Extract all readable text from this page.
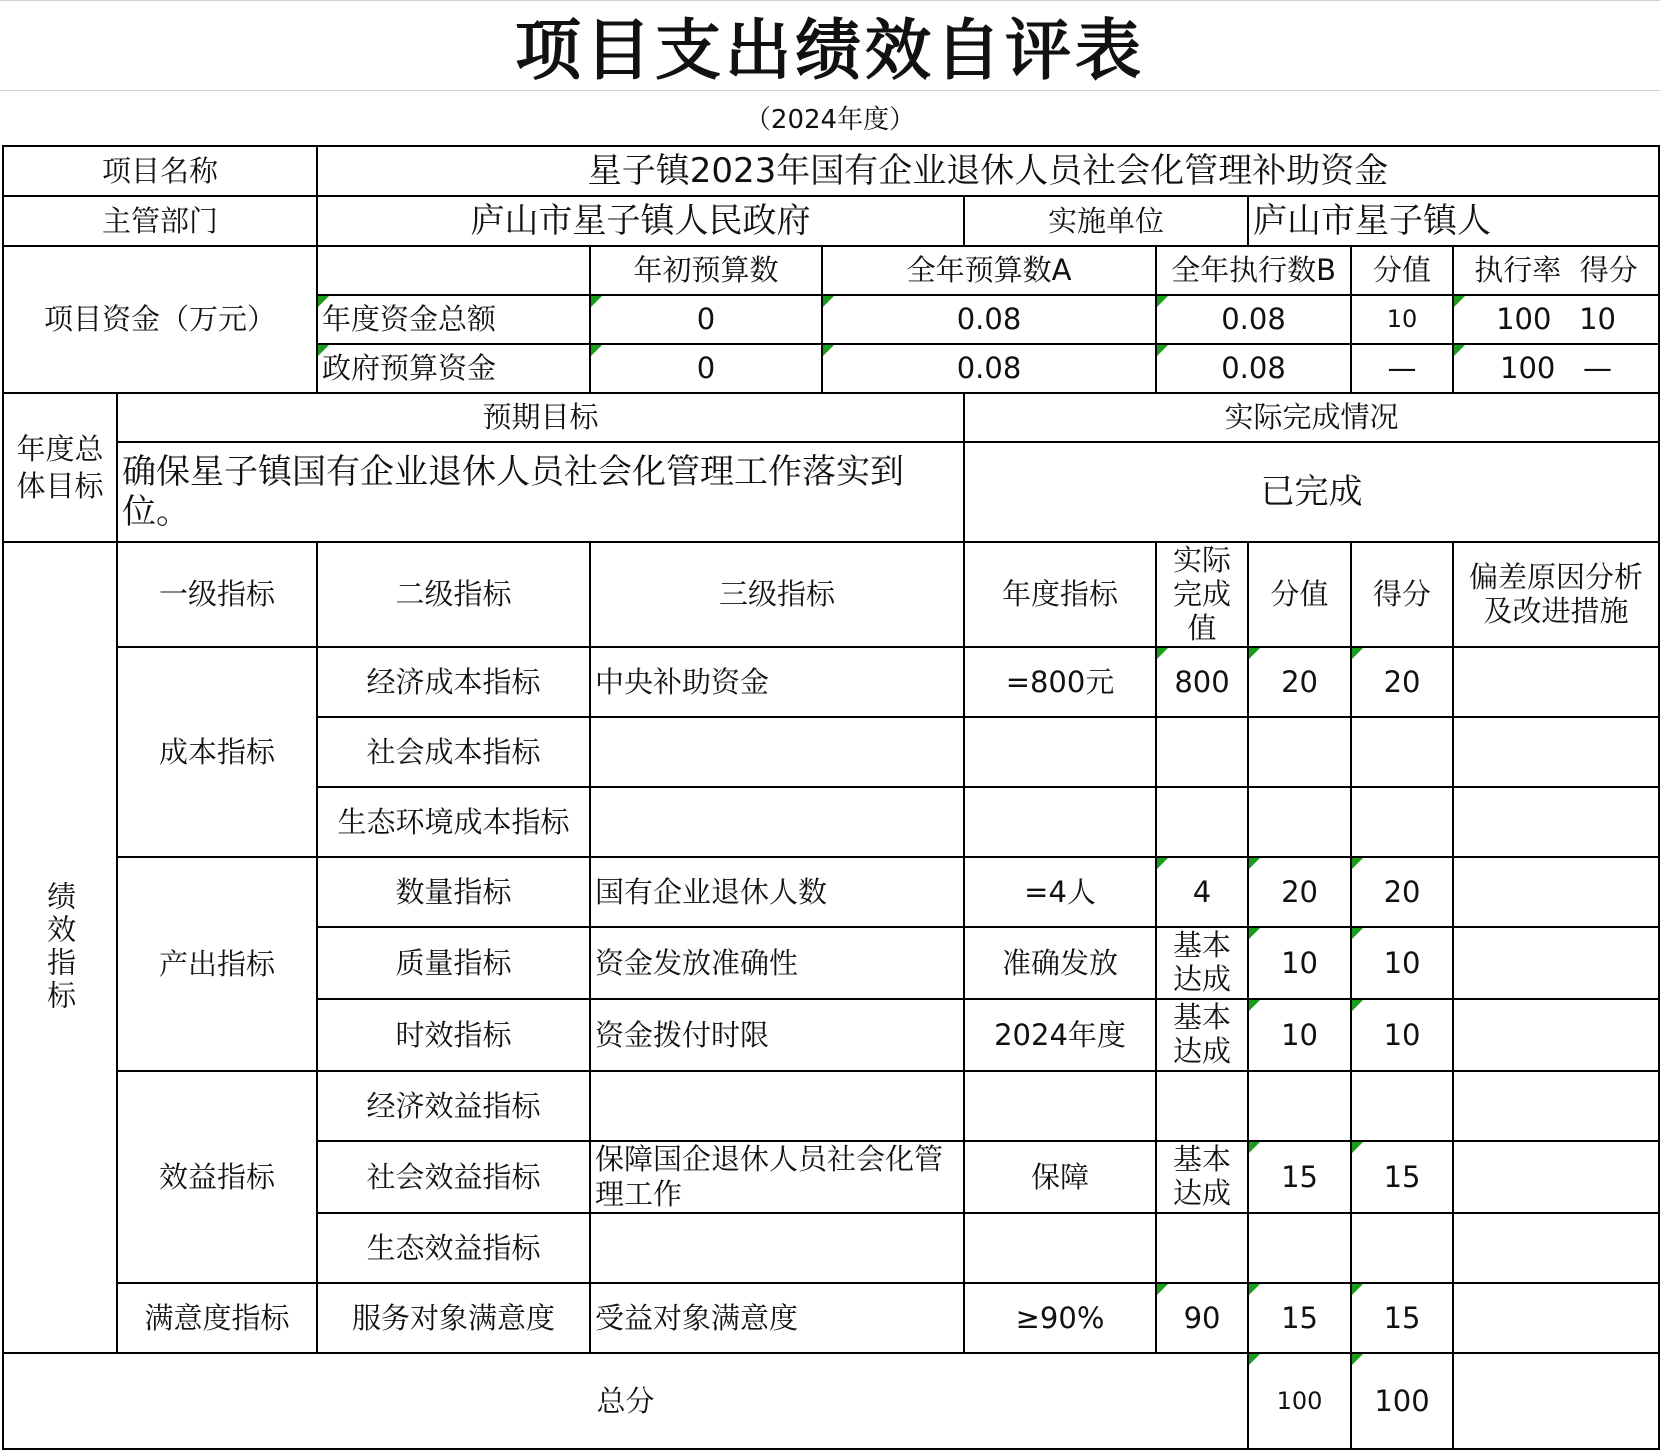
项目支出绩效自评表
（2024年度）
项目名称		星子镇2023年国有企业退休人员社会化管理补助资金							
主管部门		庐山市星子镇人民政府			实施单位		庐山市星子镇人		
项目资金（万元）			年初预算数	全年预算数A		全年执行数B		分值	执行率 得分
		年度资金总额	0	0.08		0.08		10	100 10
		政府预算资金	0	0.08		0.08		—	100 —
年度总体目标	预期目标				实际完成情况				
	确保星子镇国有企业退休人员社会化管理工作落实到位。				已完成				
绩效指标	一级指标	二级指标	三级指标		年度指标	实际完成值	分值	得分	偏差原因分析及改进措施
	成本指标	经济成本指标	中央补助资金		=800元	800	20	20	
		社会成本指标							
		生态环境成本指标							
	产出指标	数量指标	国有企业退休人数		=4人	4	20	20	
		质量指标	资金发放准确性		准确发放	基本达成	10	10	
		时效指标	资金拨付时限		2024年度	基本达成	10	10	
	效益指标	经济效益指标							
		社会效益指标	保障国企退休人员社会化管理工作		保障	基本达成	15	15	
		生态效益指标							
	满意度指标	服务对象满意度	受益对象满意度		≥90%	90	15	15	
总分							100	100	
